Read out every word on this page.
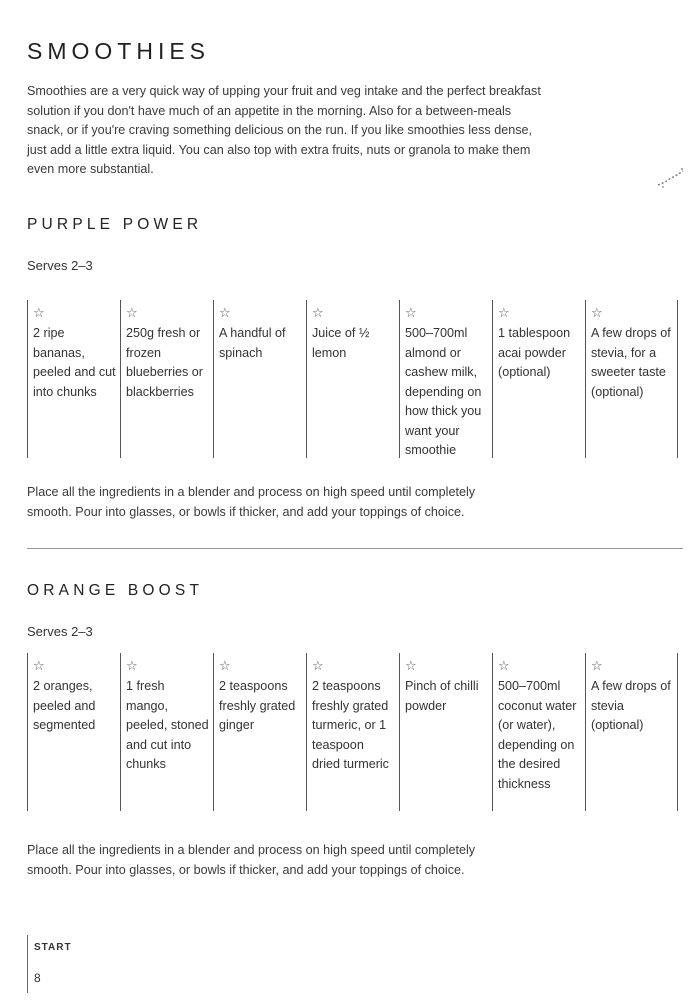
SMOOTHIES
Smoothies are a very quick way of upping your fruit and veg intake and the perfect breakfast solution if you don't have much of an appetite in the morning. Also for a between-meals snack, or if you're craving something delicious on the run. If you like smoothies less dense, just add a little extra liquid. You can also top with extra fruits, nuts or granola to make them even more substantial.
PURPLE POWER
Serves 2–3
☆
2 ripe bananas, peeled and cut into chunks
☆
250g fresh or frozen blueberries or blackberries
☆
A handful of spinach
☆
Juice of ½ lemon
☆
500–700ml almond or cashew milk, depending on how thick you want your smoothie
☆
1 tablespoon acai powder (optional)
☆
A few drops of stevia, for a sweeter taste (optional)
Place all the ingredients in a blender and process on high speed until completely smooth. Pour into glasses, or bowls if thicker, and add your toppings of choice.
ORANGE BOOST
Serves 2–3
☆
2 oranges, peeled and segmented
☆
1 fresh mango, peeled, stoned and cut into chunks
☆
2 teaspoons freshly grated ginger
☆
2 teaspoons freshly grated turmeric, or 1 teaspoon dried turmeric
☆
Pinch of chilli powder
☆
500–700ml coconut water (or water), depending on the desired thickness
☆
A few drops of stevia (optional)
Place all the ingredients in a blender and process on high speed until completely smooth. Pour into glasses, or bowls if thicker, and add your toppings of choice.
START
8
